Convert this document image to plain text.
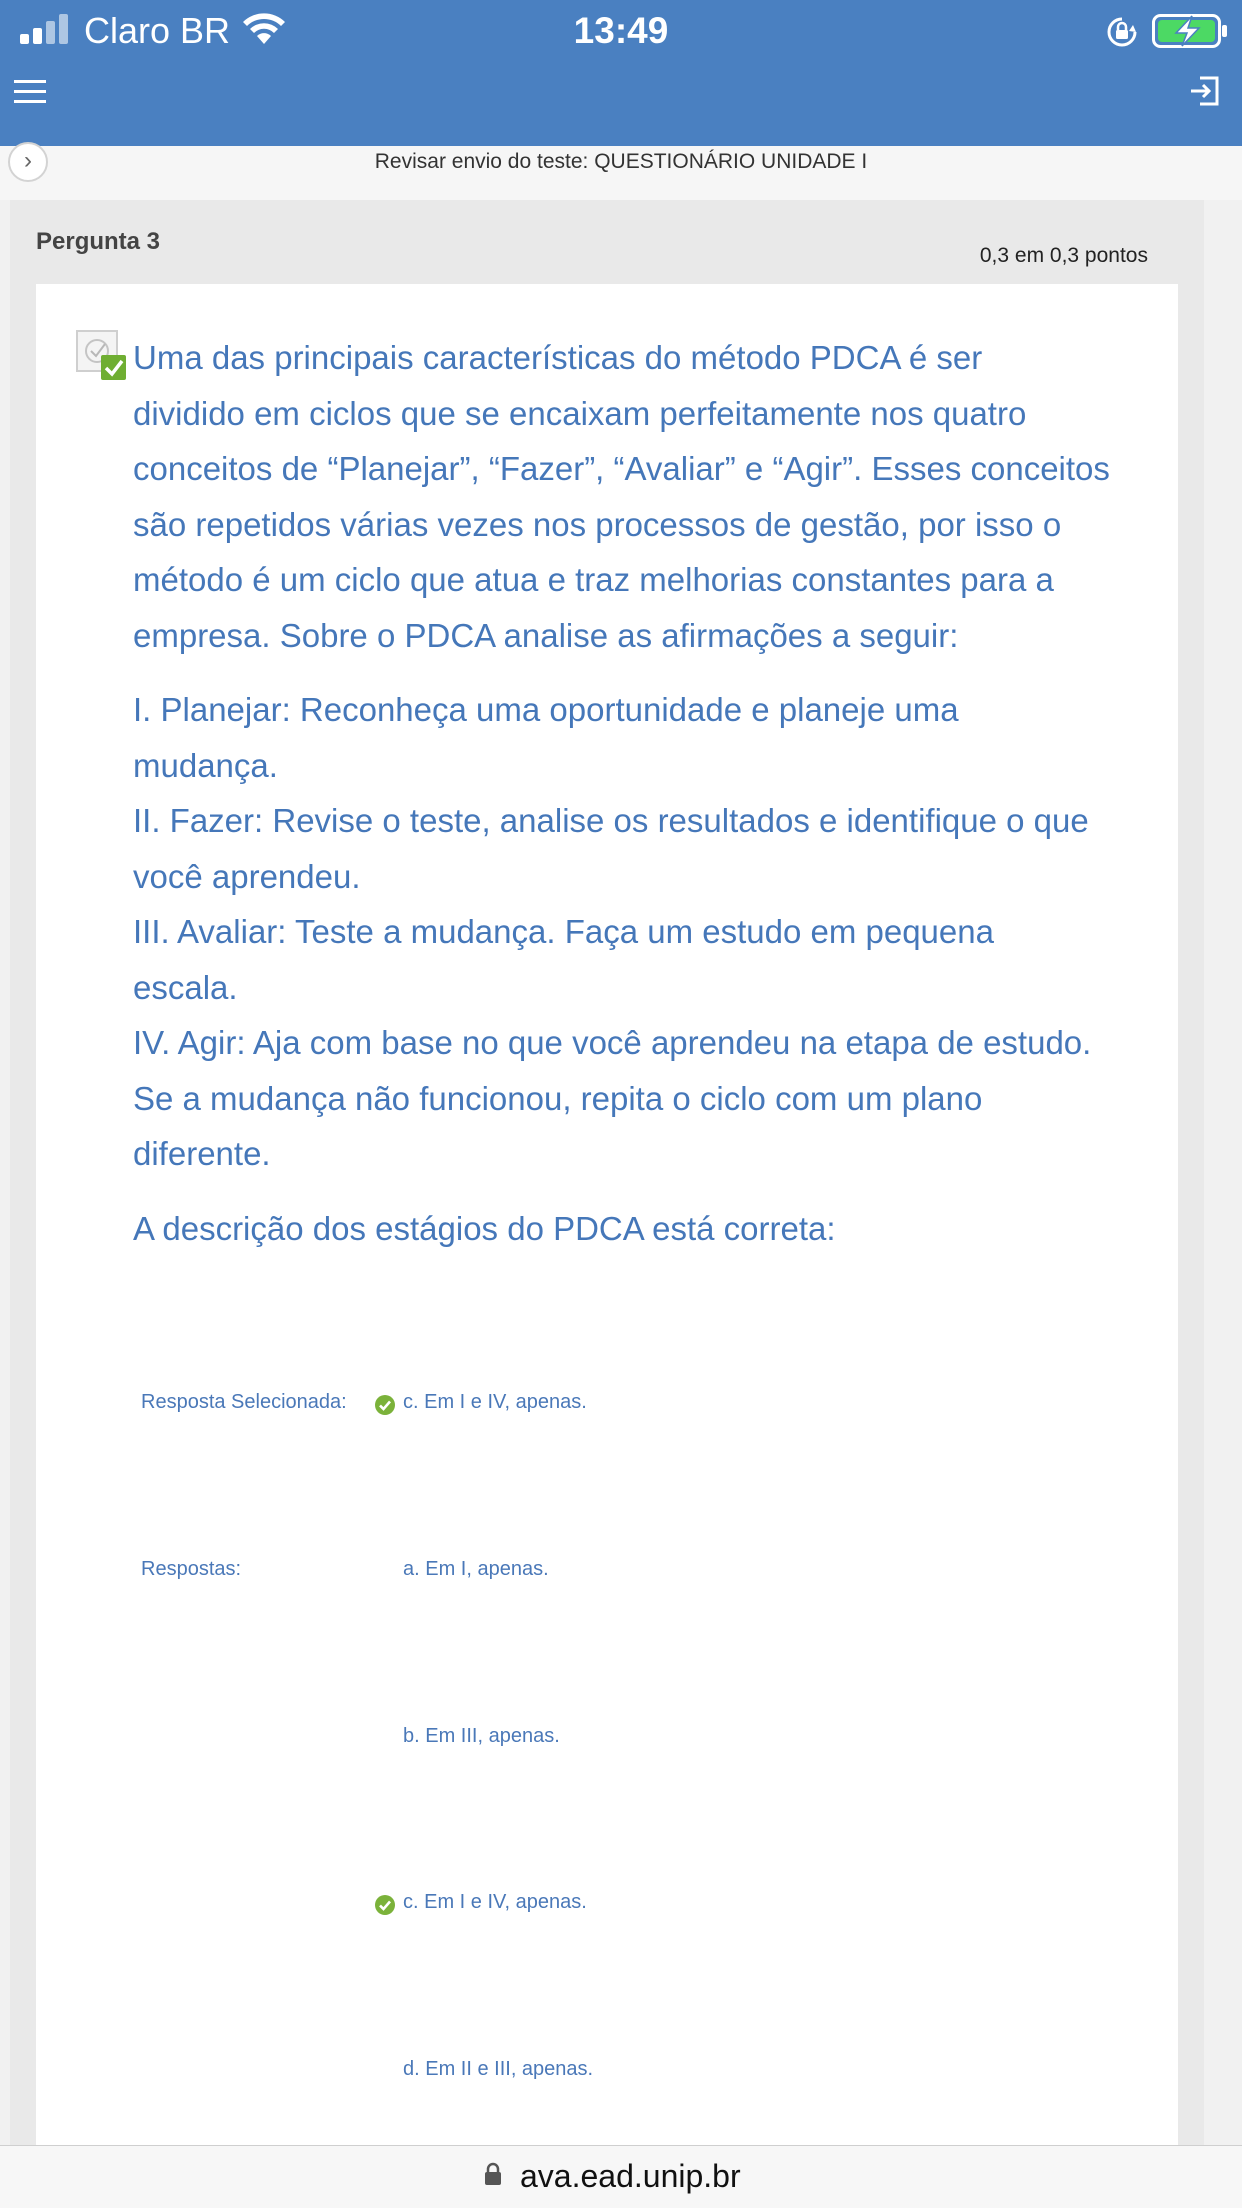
Claro BR	13:49
›	Revisar envio do teste: QUESTIONÁRIO UNIDADE I
Pergunta 3
0,3 em 0,3 pontos

Uma das principais características do método PDCA é ser

dividido em ciclos que se encaixam perfeitamente nos quatro

conceitos de “Planejar”, “Fazer”, “Avaliar” e “Agir”. Esses conceitos

são repetidos várias vezes nos processos de gestão, por isso o

método é um ciclo que atua e traz melhorias constantes para a

empresa. Sobre o PDCA analise as afirmações a seguir:

I. Planejar: Reconheça uma oportunidade e planeje uma

mudança.

II. Fazer: Revise o teste, analise os resultados e identifique o que

você aprendeu.

III. Avaliar: Teste a mudança. Faça um estudo em pequena

escala.

IV. Agir: Aja com base no que você aprendeu na etapa de estudo.

Se a mudança não funcionou, repita o ciclo com um plano

diferente.

A descrição dos estágios do PDCA está correta:

Resposta Selecionada:	c. Em I e IV, apenas.
Respostas:	a. Em I, apenas.
b. Em III, apenas.
c. Em I e IV, apenas.
d. Em II e III, apenas.
ava.ead.unip.br
